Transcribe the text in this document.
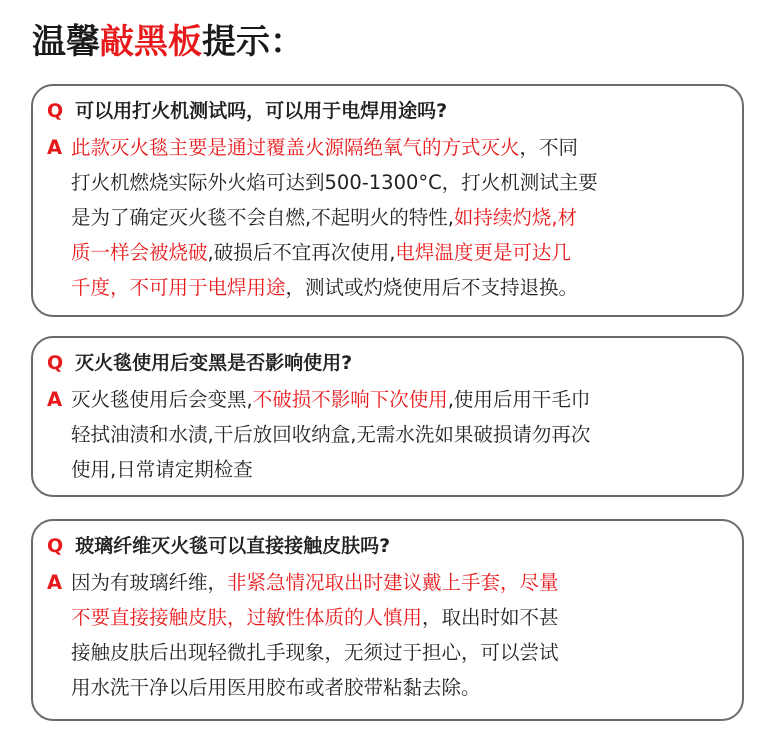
温馨敲黑板提示：
Q 可以用打火机测试吗，可以用于电焊用途吗?
A 此款灭火毯主要是通过覆盖火源隔绝氧气的方式灭火，不同
打火机燃烧实际外火焰可达到500-1300°C，打火机测试主要
是为了确定灭火毯不会自燃,不起明火的特性,如持续灼烧,材
质一样会被烧破,破损后不宜再次使用,电焊温度更是可达几
千度，不可用于电焊用途，测试或灼烧使用后不支持退换。
Q 灭火毯使用后变黑是否影响使用?
A 灭火毯使用后会变黑,不破损不影响下次使用,使用后用干毛巾
轻拭油渍和水渍,干后放回收纳盒,无需水洗如果破损请勿再次
使用,日常请定期检查
Q 玻璃纤维灭火毯可以直接接触皮肤吗?
A 因为有玻璃纤维，非紧急情况取出时建议戴上手套，尽量
不要直接接触皮肤，过敏性体质的人慎用，取出时如不甚
接触皮肤后出现轻微扎手现象，无须过于担心，可以尝试
用水洗干净以后用医用胶布或者胶带粘黏去除。
